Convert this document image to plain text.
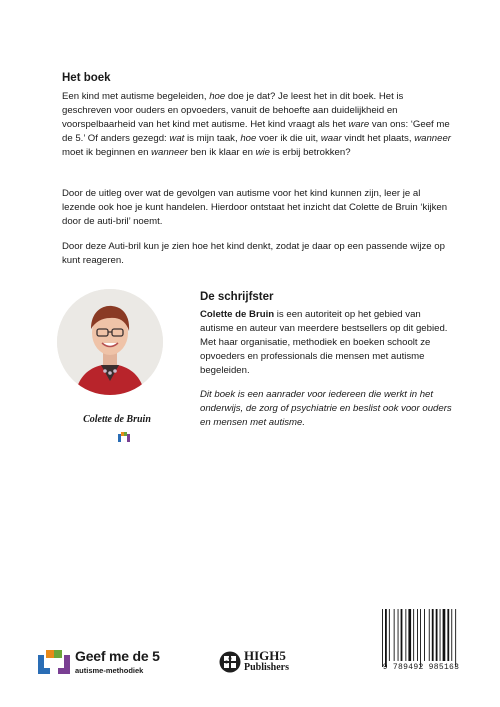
Het boek

Een kind met autisme begeleiden, hoe doe je dat? Je leest het in dit boek. Het is geschreven voor ouders en opvoeders, vanuit de behoefte aan duidelijkheid en voorspelbaarheid van het kind met autisme. Het kind vraagt als het ware van ons: ‘Geef me de 5.’ Of anders gezegd: wat is mijn taak, hoe voer ik die uit, waar vindt het plaats, wanneer moet ik beginnen en wanneer ben ik klaar en wie is erbij betrokken?

Door de uitleg over wat de gevolgen van autisme voor het kind kunnen zijn, leer je al lezende ook hoe je kunt handelen. Hierdoor ontstaat het inzicht dat Colette de Bruin ‘kijken door de auti-bril’ noemt.

Door deze Auti-bril kun je zien hoe het kind denkt, zodat je daar op een passende wijze op kunt reageren.

Colette de Bruin

De schrijfster

Colette de Bruin is een autoriteit op het gebied van autisme en auteur van meerdere bestsellers op dit gebied. Met haar organisatie, methodiek en boeken schoolt ze opvoeders en professionals die mensen met autisme begeleiden.

Dit boek is een aanrader voor iedereen die werkt in het onderwijs, de zorg of psychiatrie en beslist ook voor ouders en mensen met autisme.

Geef me de 5
autisme-methodiek
HIGH5
Publishers	9 789492 985163
